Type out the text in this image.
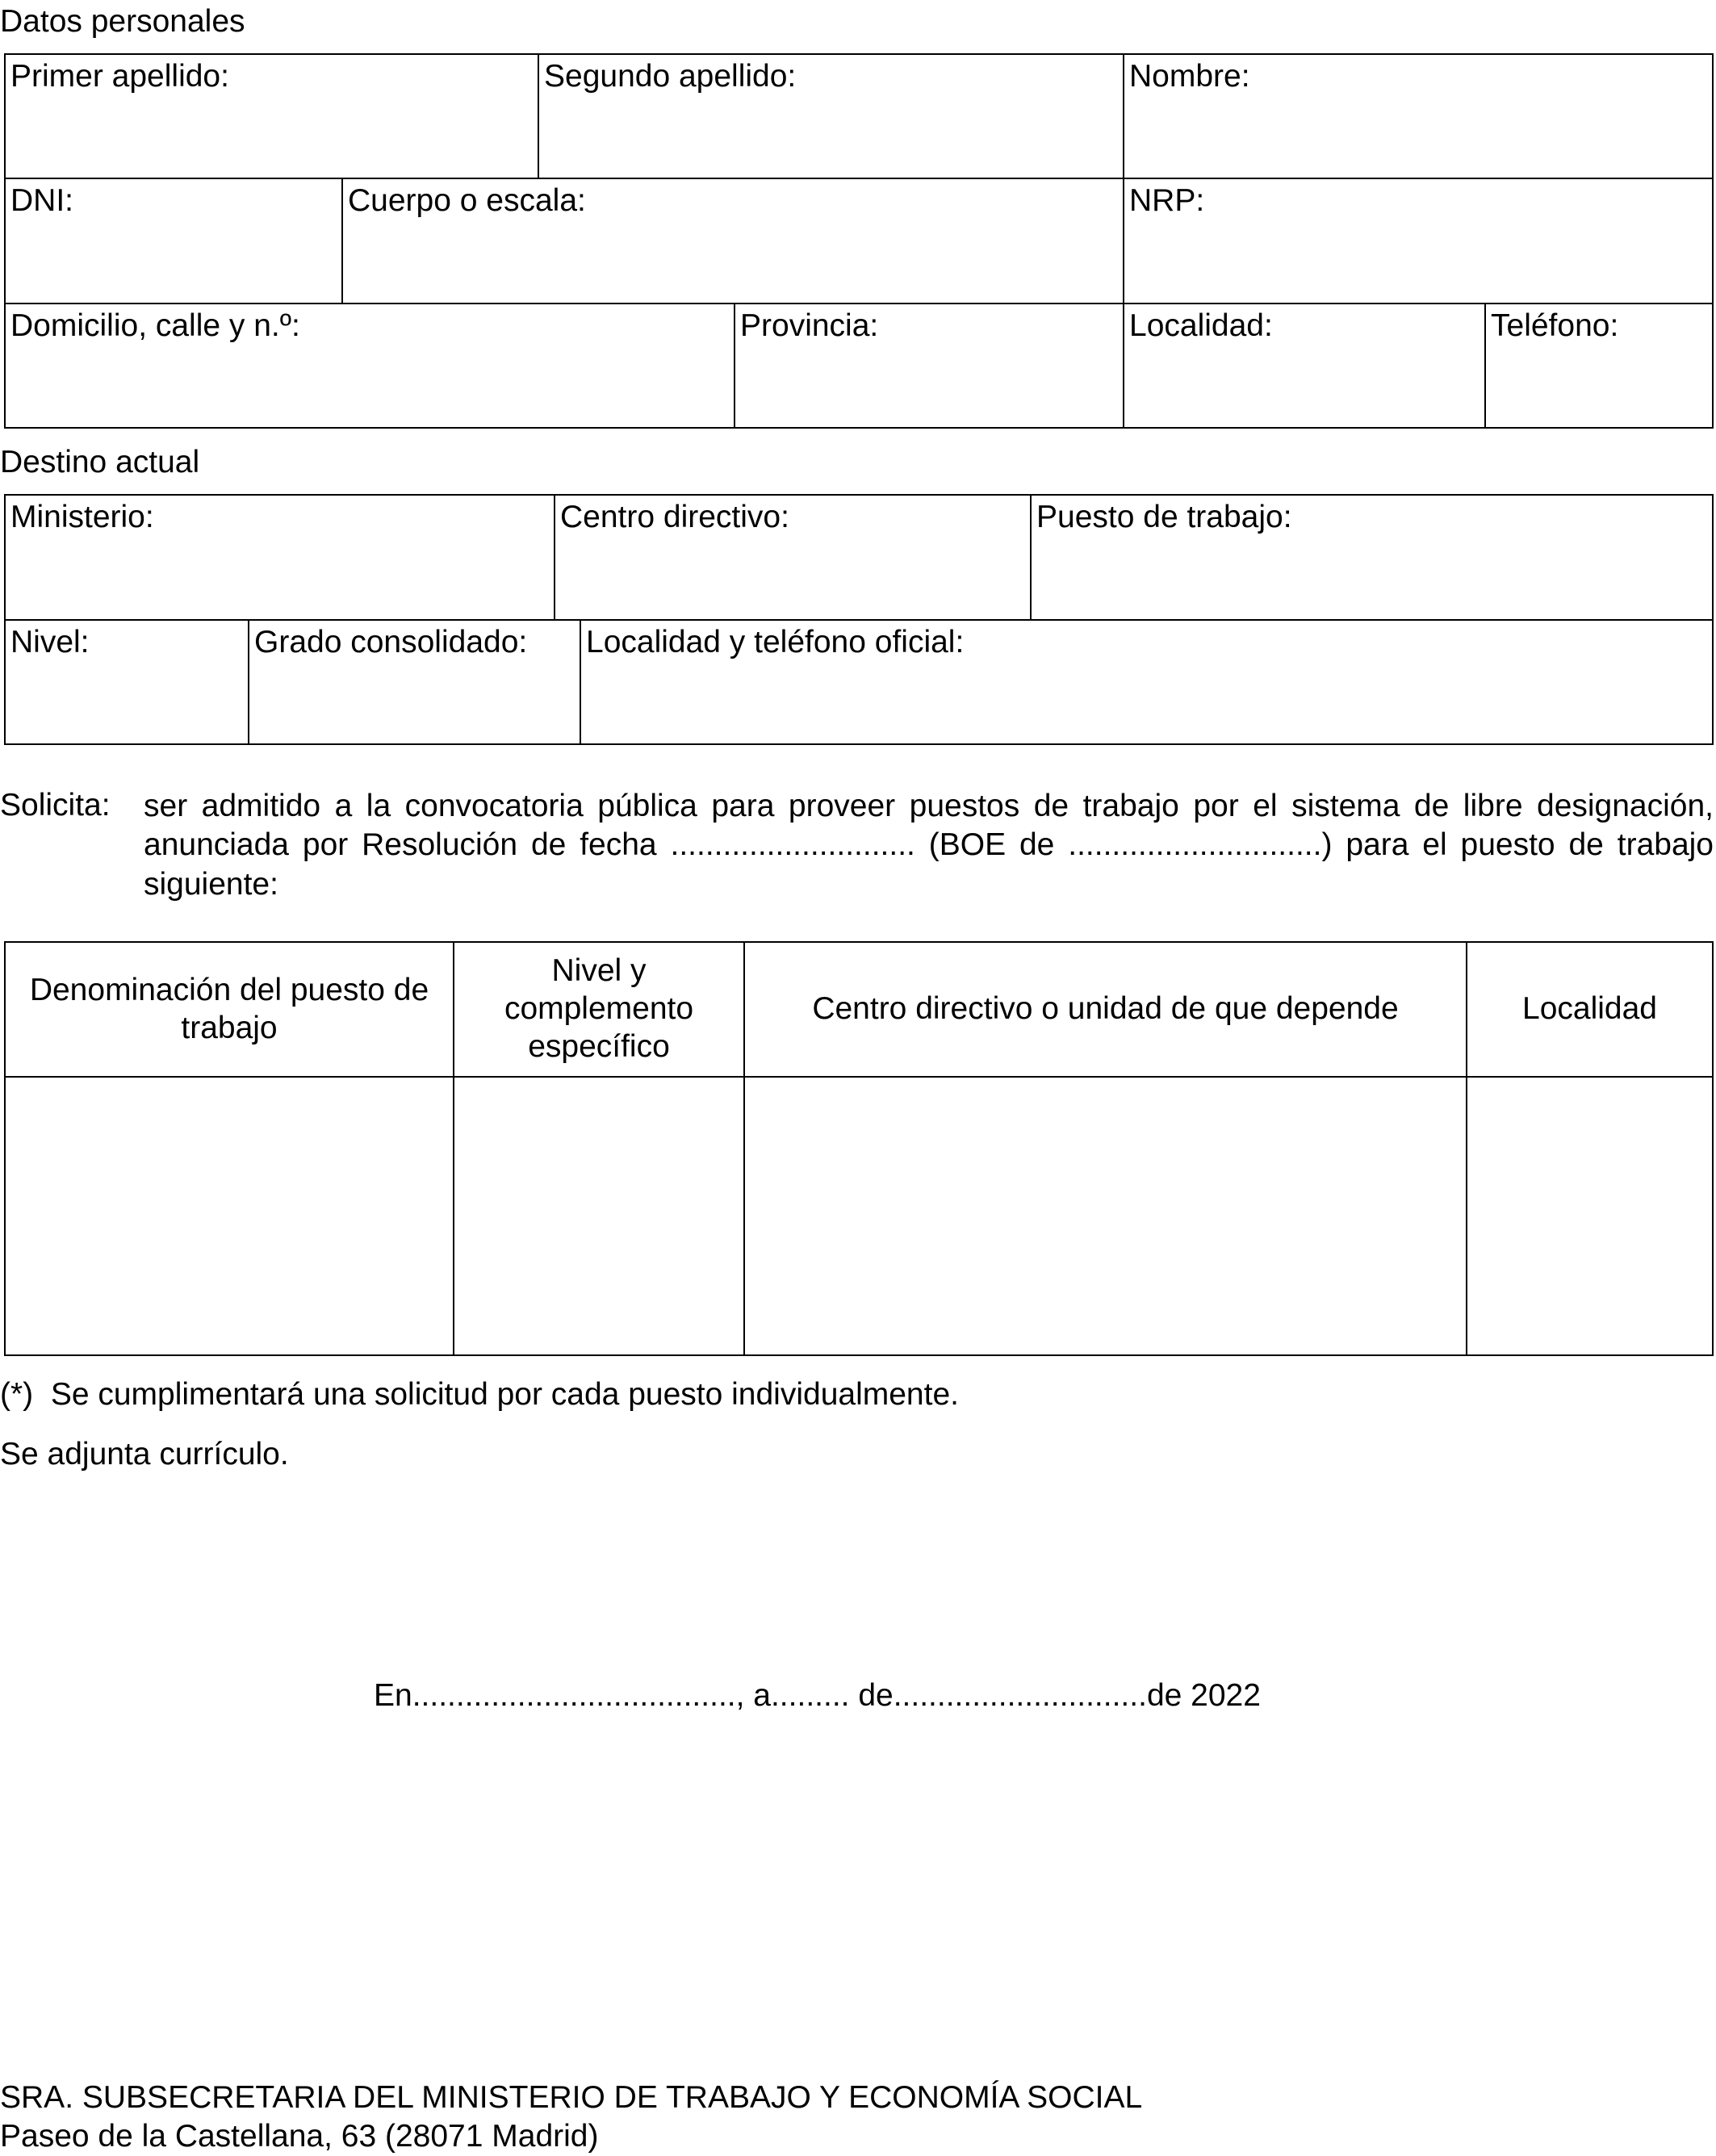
Datos personales
Primer apellido:	Segundo apellido:	Nombre:
DNI:	Cuerpo o escala:	NRP:
Domicilio, calle y n.º:	Provincia:	Localidad:	Teléfono:
Destino actual
Ministerio:	Centro directivo:	Puesto de trabajo:
Nivel:	Grado consolidado:	Localidad y teléfono oficial:
Solicita: ser admitido a la convocatoria pública para proveer puestos de trabajo por el sistema de libre designación, anunciada por Resolución de fecha ............................ (BOE de .............................) para el puesto de trabajo siguiente:
Denominación del puesto de trabajo	Nivel y complemento específico	Centro directivo o unidad de que depende	Localidad

(*)  Se cumplimentará una solicitud por cada puesto individualmente.
Se adjunta currículo.
En....................................., a......... de.............................de 2022
SRA. SUBSECRETARIA DEL MINISTERIO DE TRABAJO Y ECONOMÍA SOCIAL
Paseo de la Castellana, 63 (28071 Madrid)
